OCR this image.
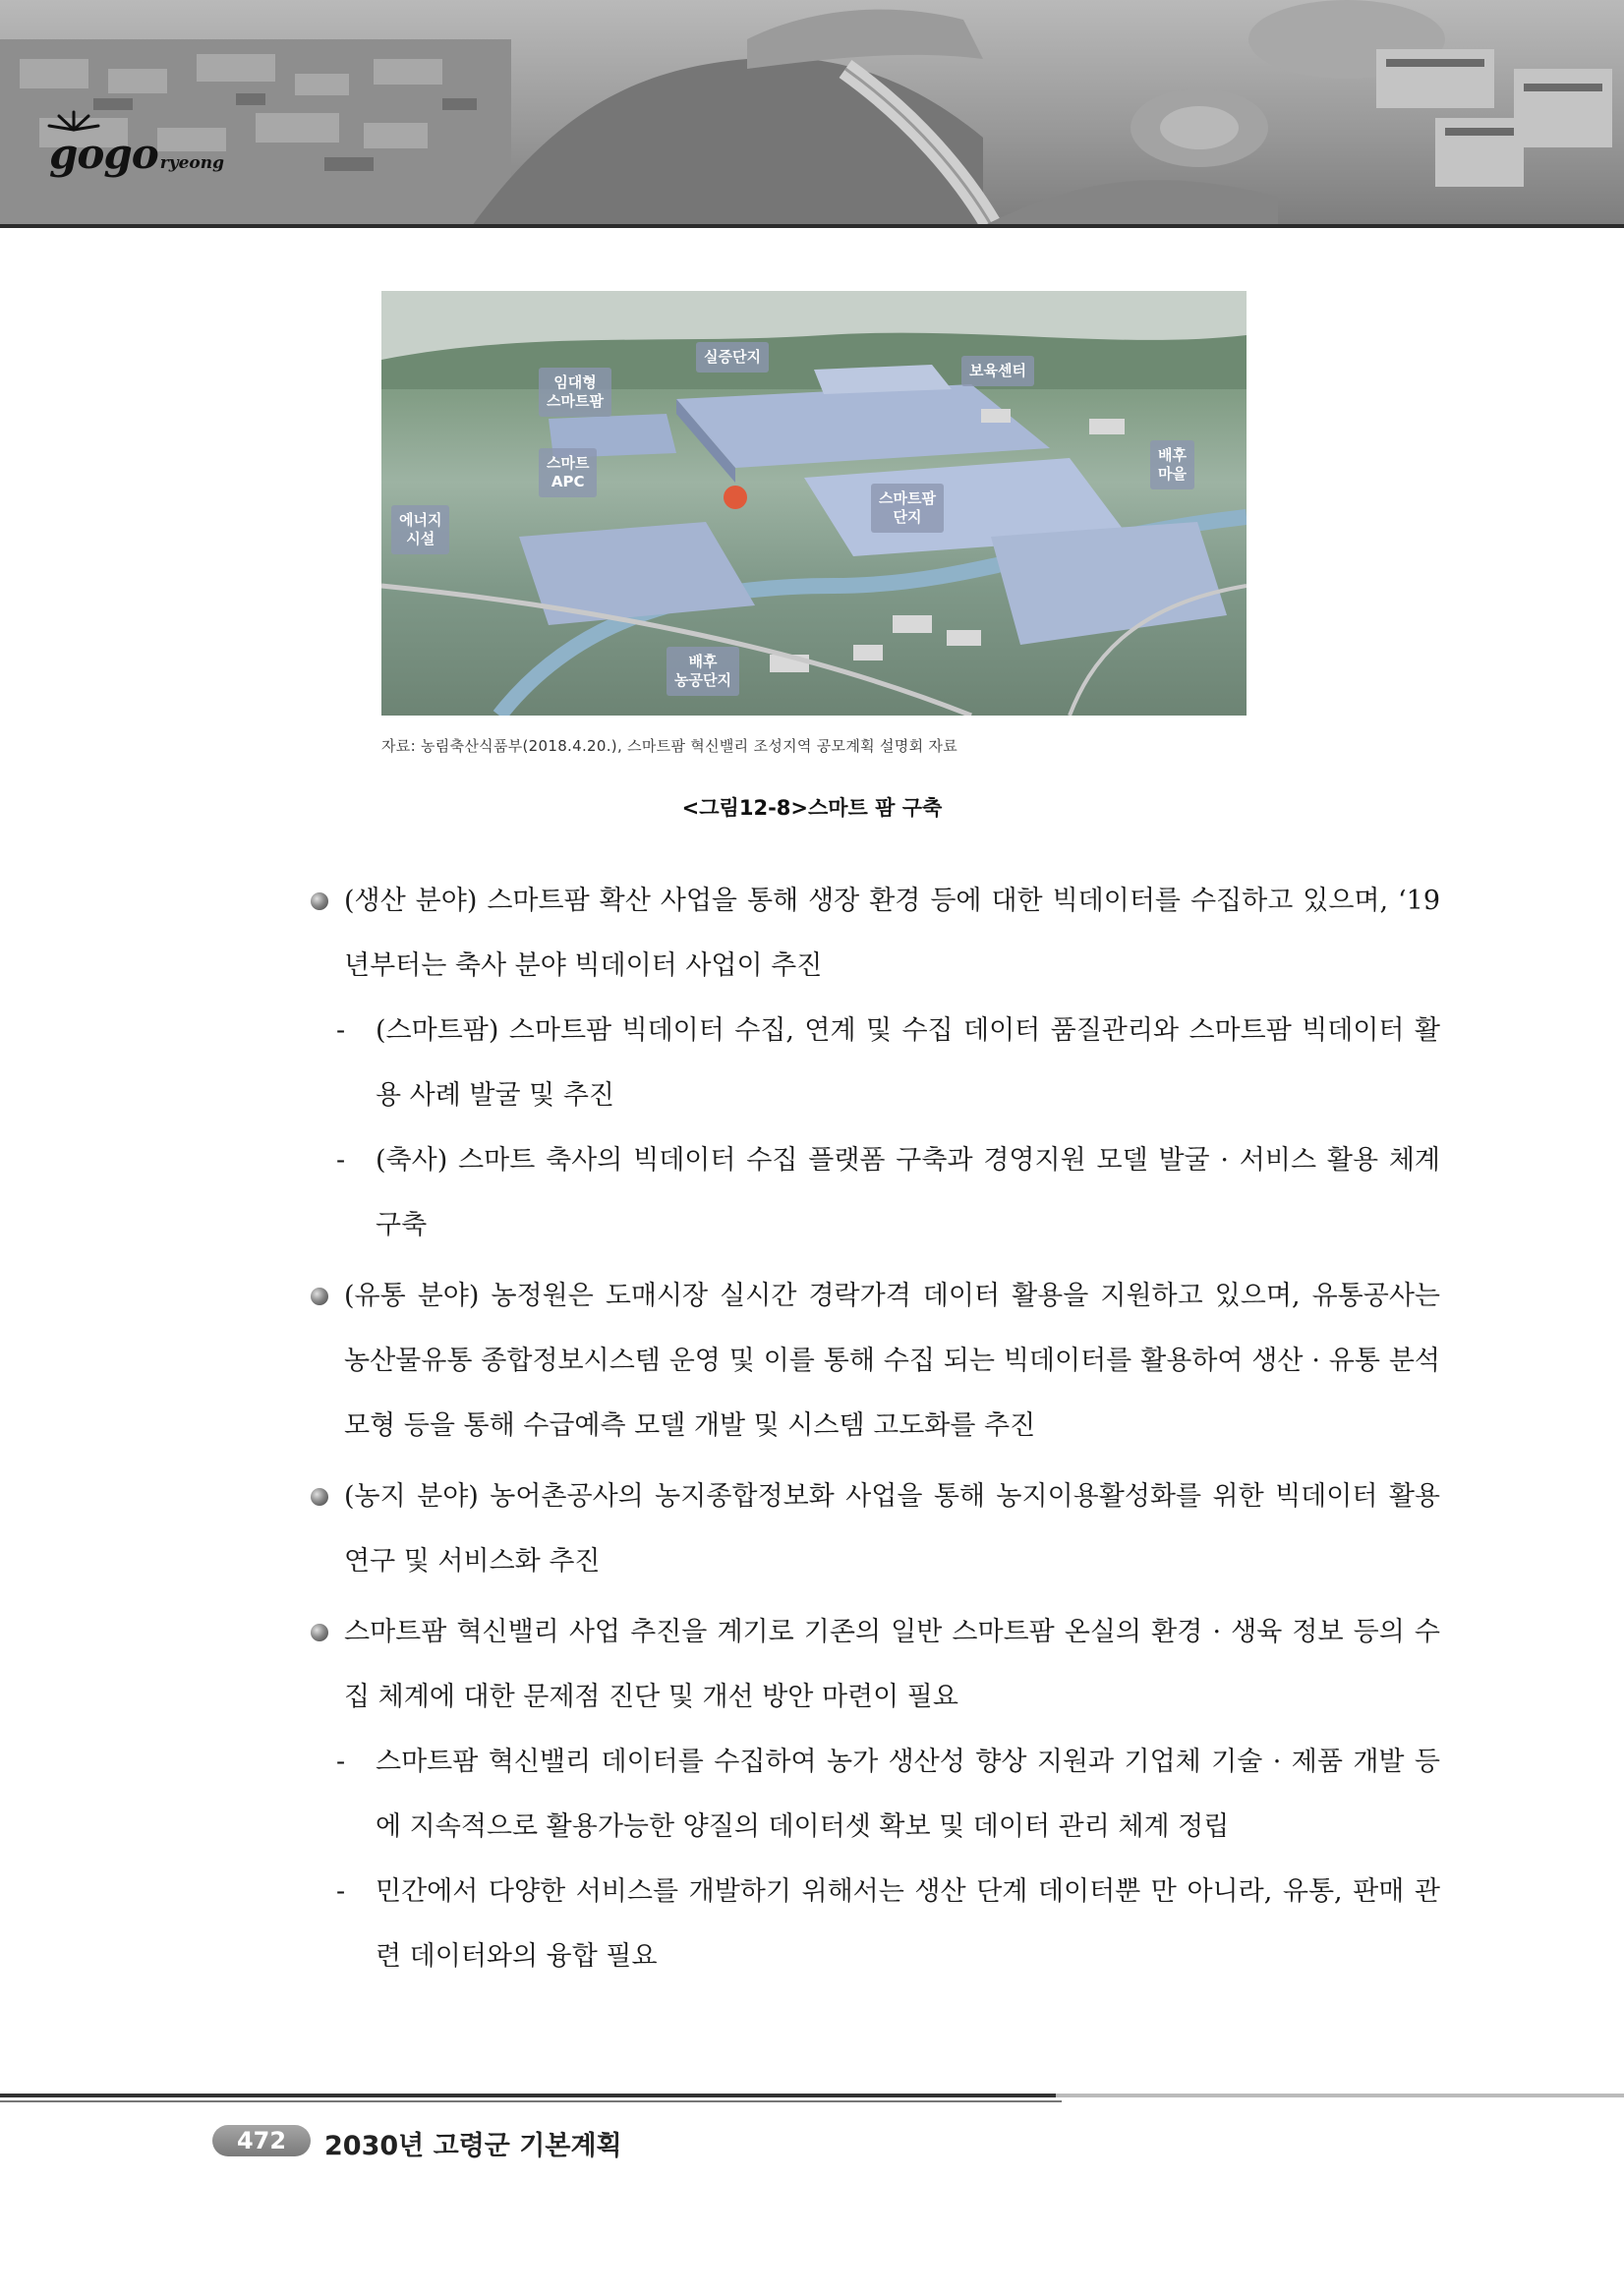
gogo ryeong
실증단지
임대형
스마트팜
보육센터
스마트
APC
에너지
시설
스마트팜
단지
배후
마을
배후
농공단지
자료: 농림축산식품부(2018.4.20.), 스마트팜 혁신밸리 조성지역 공모계획 설명회 자료
<그림12-8>스마트 팜 구축
(생산 분야) 스마트팜 확산 사업을 통해 생장 환경 등에 대한 빅데이터를 수집하고 있으며, ‘19년부터는 축사 분야 빅데이터 사업이 추진
- (스마트팜) 스마트팜 빅데이터 수집, 연계 및 수집 데이터 품질관리와 스마트팜 빅데이터 활용 사례 발굴 및 추진
- (축사) 스마트 축사의 빅데이터 수집 플랫폼 구축과 경영지원 모델 발굴 · 서비스 활용 체계 구축
(유통 분야) 농정원은 도매시장 실시간 경락가격 데이터 활용을 지원하고 있으며, 유통공사는 농산물유통 종합정보시스템 운영 및 이를 통해 수집 되는 빅데이터를 활용하여 생산 · 유통 분석 모형 등을 통해 수급예측 모델 개발 및 시스템 고도화를 추진
(농지 분야) 농어촌공사의 농지종합정보화 사업을 통해 농지이용활성화를 위한 빅데이터 활용 연구 및 서비스화 추진
스마트팜 혁신밸리 사업 추진을 계기로 기존의 일반 스마트팜 온실의 환경 · 생육 정보 등의 수집 체계에 대한 문제점 진단 및 개선 방안 마련이 필요
- 스마트팜 혁신밸리 데이터를 수집하여 농가 생산성 향상 지원과 기업체 기술 · 제품 개발 등에 지속적으로 활용가능한 양질의 데이터셋 확보 및 데이터 관리 체계 정립
- 민간에서 다양한 서비스를 개발하기 위해서는 생산 단계 데이터뿐 만 아니라, 유통, 판매 관련 데이터와의 융합 필요
472	2030년 고령군 기본계획
